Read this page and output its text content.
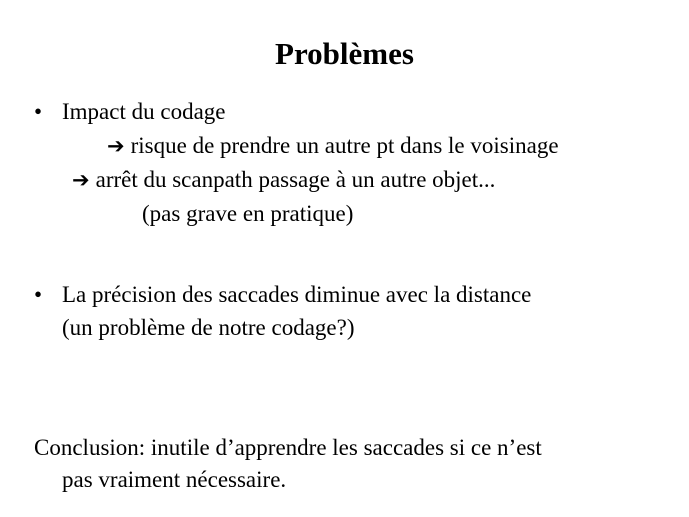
Problèmes
• Impact du codage
➔ risque de prendre un autre pt dans le voisinage
➔ arrêt du scanpath passage à un autre objet...
(pas grave en pratique)
• La précision des saccades diminue avec la distance
(un problème de notre codage?)
Conclusion: inutile d’apprendre les saccades si ce n’est
pas vraiment nécessaire.
